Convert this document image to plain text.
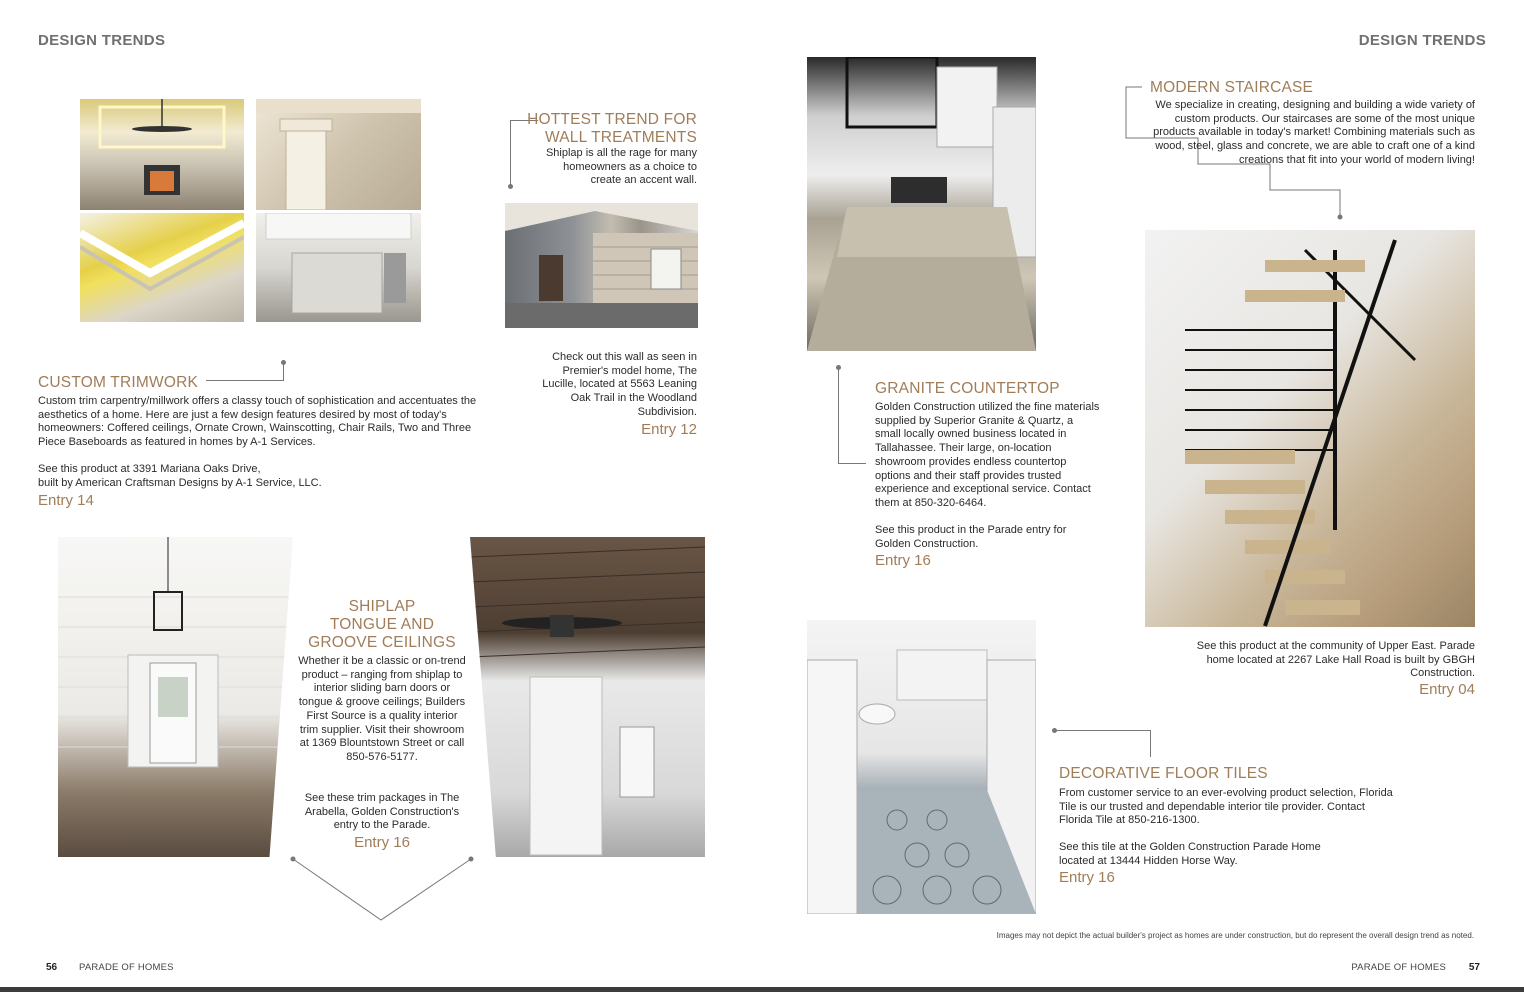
DESIGN TRENDS
CUSTOM TRIMWORK
Custom trim carpentry/millwork offers a classy touch of sophistication and accentuates the aesthetics of a home. Here are just a few design features desired by most of today's homeowners: Coffered ceilings, Ornate Crown, Wainscotting, Chair Rails, Two and Three Piece Baseboards as featured in homes by A-1 Services.
See this product at 3391 Mariana Oaks Drive,
built by American Craftsman Designs by A-1 Service, LLC.
Entry 14
HOTTEST TREND FOR
WALL TREATMENTS
Shiplap is all the rage for many homeowners as a choice to create an accent wall.
Check out this wall as seen in Premier's model home, The Lucille, located at 5563 Leaning Oak Trail in the Woodland Subdivision.
Entry 12
SHIPLAP
TONGUE AND
GROOVE CEILINGS
Whether it be a classic or on-trend product – ranging from shiplap to interior sliding barn doors or tongue & groove ceilings; Builders First Source is a quality interior trim supplier. Visit their showroom at 1369 Blountstown Street or call 850-576-5177.
See these trim packages in The Arabella, Golden Construction's entry to the Parade.
Entry 16
56 PARADE OF HOMES
DESIGN TRENDS
GRANITE COUNTERTOP
Golden Construction utilized the fine materials supplied by Superior Granite & Quartz, a small locally owned business located in Tallahassee. Their large, on-location showroom provides endless countertop options and their staff provides trusted experience and exceptional service. Contact them at 850-320-6464.
See this product in the Parade entry for Golden Construction.
Entry 16
MODERN STAIRCASE
We specialize in creating, designing and building a wide variety of custom products. Our staircases are some of the most unique products available in today's market! Combining materials such as wood, steel, glass and concrete, we are able to craft one of a kind creations that fit into your world of modern living!
See this product at the community of Upper East. Parade home located at 2267 Lake Hall Road is built by GBGH Construction.
Entry 04
DECORATIVE FLOOR TILES
From customer service to an ever-evolving product selection, Florida Tile is our trusted and dependable interior tile provider. Contact Florida Tile at 850-216-1300.
See this tile at the Golden Construction Parade Home located at 13444 Hidden Horse Way.
Entry 16
Images may not depict the actual builder's project as homes are under construction, but do represent the overall design trend as noted.
PARADE OF HOMES	57
